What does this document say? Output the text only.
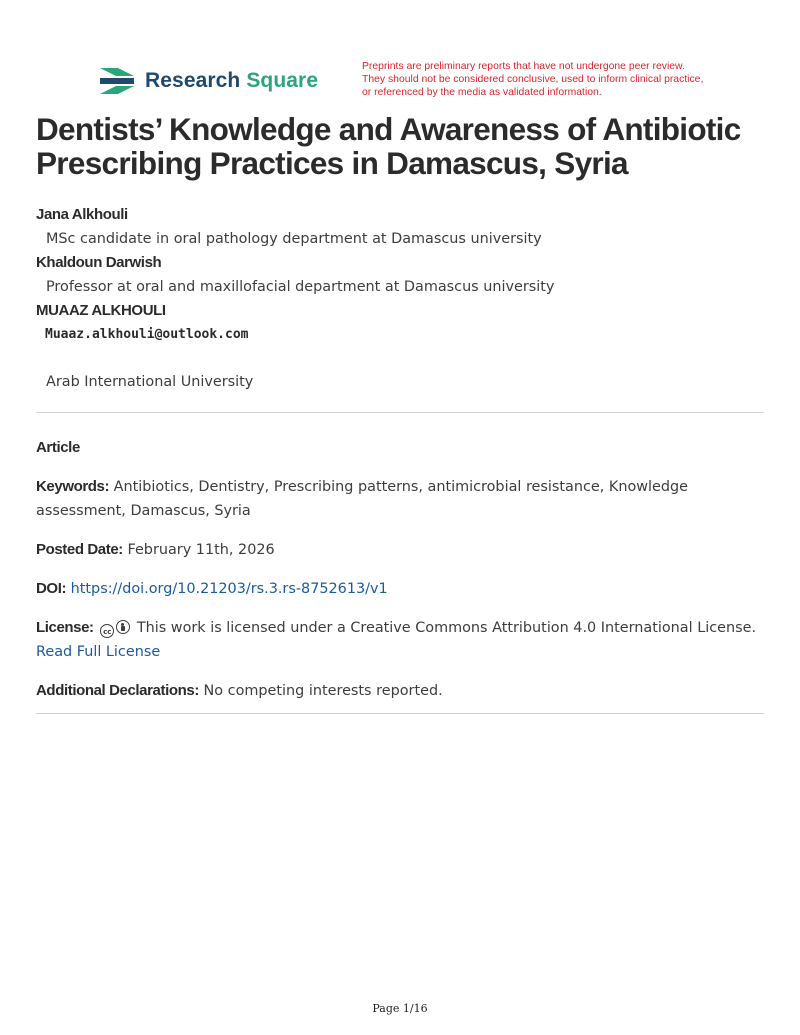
Research Square
Preprints are preliminary reports that have not undergone peer review.
They should not be considered conclusive, used to inform clinical practice,
or referenced by the media as validated information.
Dentists’ Knowledge and Awareness of Antibiotic Prescribing Practices in Damascus, Syria
Jana Alkhouli
MSc candidate in oral pathology department at Damascus university
Khaldoun Darwish
Professor at oral and maxillofacial department at Damascus university
MUAAZ ALKHOULI
Muaaz.alkhouli@outlook.com
Arab International University
Article
Keywords: Antibiotics, Dentistry, Prescribing patterns, antimicrobial resistance, Knowledge assessment, Damascus, Syria
Posted Date: February 11th, 2026
DOI: https://doi.org/10.21203/rs.3.rs-8752613/v1
License: cc This work is licensed under a Creative Commons Attribution 4.0 International License.
Read Full License
Additional Declarations: No competing interests reported.
Page 1/16
